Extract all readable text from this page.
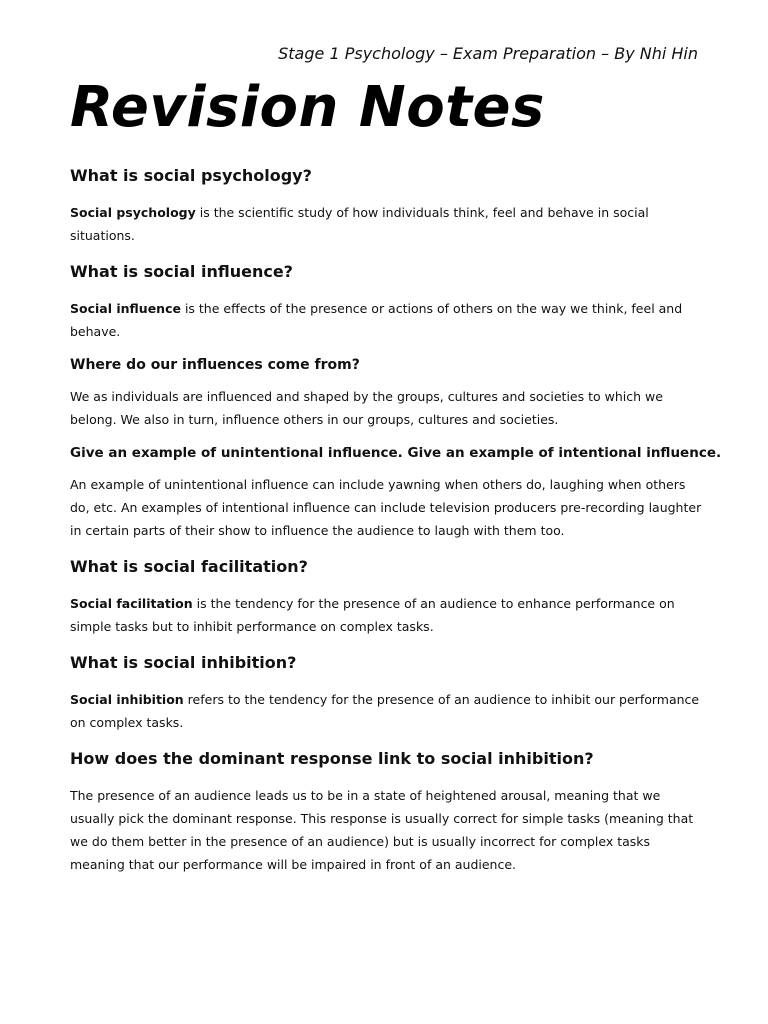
Stage 1 Psychology – Exam Preparation – By Nhi Hin
Revision Notes
What is social psychology?

Social psychology is the scientific study of how individuals think, feel and behave in social situations.

What is social influence?

Social influence is the effects of the presence or actions of others on the way we think, feel and behave.

Where do our influences come from?

We as individuals are influenced and shaped by the groups, cultures and societies to which we belong. We also in turn, influence others in our groups, cultures and societies.

Give an example of unintentional influence. Give an example of intentional influence.

An example of unintentional influence can include yawning when others do, laughing when others do, etc. An examples of intentional influence can include television producers pre-recording laughter in certain parts of their show to influence the audience to laugh with them too.

What is social facilitation?

Social facilitation is the tendency for the presence of an audience to enhance performance on simple tasks but to inhibit performance on complex tasks.

What is social inhibition?

Social inhibition refers to the tendency for the presence of an audience to inhibit our performance on complex tasks.

How does the dominant response link to social inhibition?

The presence of an audience leads us to be in a state of heightened arousal, meaning that we usually pick the dominant response. This response is usually correct for simple tasks (meaning that we do them better in the presence of an audience) but is usually incorrect for complex tasks meaning that our performance will be impaired in front of an audience.
